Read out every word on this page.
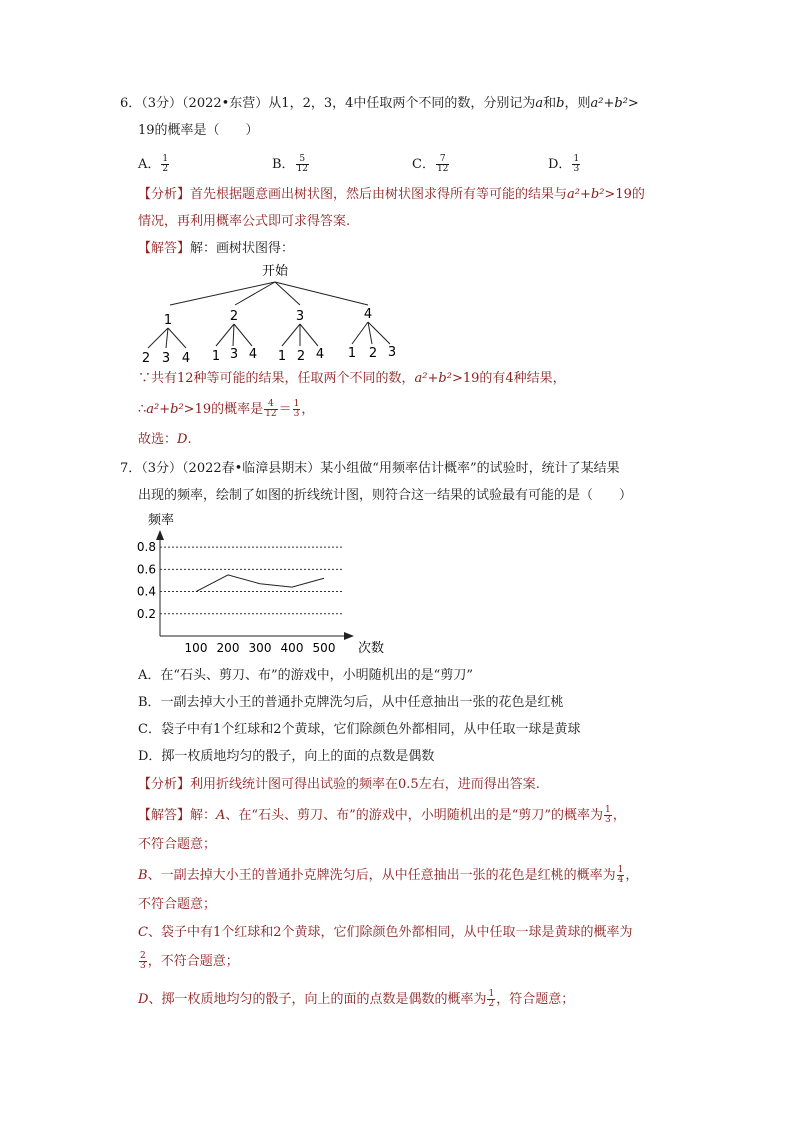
6．（3分）（2022•东营）从1，2，3，4中任取两个不同的数，分别记为a和b，则a²+b²>
19的概率是（　　）
A． $\frac{1}{2}$	B． $\frac{5}{12}$	C． $\frac{7}{12}$	D． $\frac{1}{3}$
【分析】首先根据题意画出树状图，然后由树状图求得所有等可能的结果与a²+b²>19的
情况，再利用概率公式即可求得答案.
【解答】解：画树状图得：
开始
1	2	3	4
2 3 4 1 3 4 1 2 4 1 2 3
∵共有12种等可能的结果，任取两个不同的数，a²+b²>19的有4种结果，
∴a²+b²>19的概率是 $\frac{4}{12} = \frac{1}{3}$ ，
故选：D.
7．（3分）（2022春•临漳县期末）某小组做“用频率估计概率”的试验时，统计了某结果
出现的频率，绘制了如图的折线统计图，则符合这一结果的试验最有可能的是（　　）
频率
次数
0.8
0.6
0.4
0.2
100 200 300 400 500
A．在“石头、剪刀、布”的游戏中，小明随机出的是“剪刀”
B．一副去掉大小王的普通扑克牌洗匀后，从中任意抽出一张的花色是红桃
C．袋子中有1个红球和2个黄球，它们除颜色外都相同，从中任取一球是黄球
D．掷一枚质地均匀的骰子，向上的面的点数是偶数
【分析】利用折线统计图可得出试验的频率在0.5左右，进而得出答案.
【解答】解：A、在“石头、剪刀、布”的游戏中，小明随机出的是“剪刀”的概率为 $\frac{1}{3}$ ，
不符合题意；
B、一副去掉大小王的普通扑克牌洗匀后，从中任意抽出一张的花色是红桃的概率为 $\frac{1}{4}$ ，
不符合题意；
C、袋子中有1个红球和2个黄球，它们除颜色外都相同，从中任取一球是黄球的概率为
$\frac{2}{3}$ ，不符合题意；
D、掷一枚质地均匀的骰子，向上的面的点数是偶数的概率为 $\frac{1}{2}$ ，符合题意；
